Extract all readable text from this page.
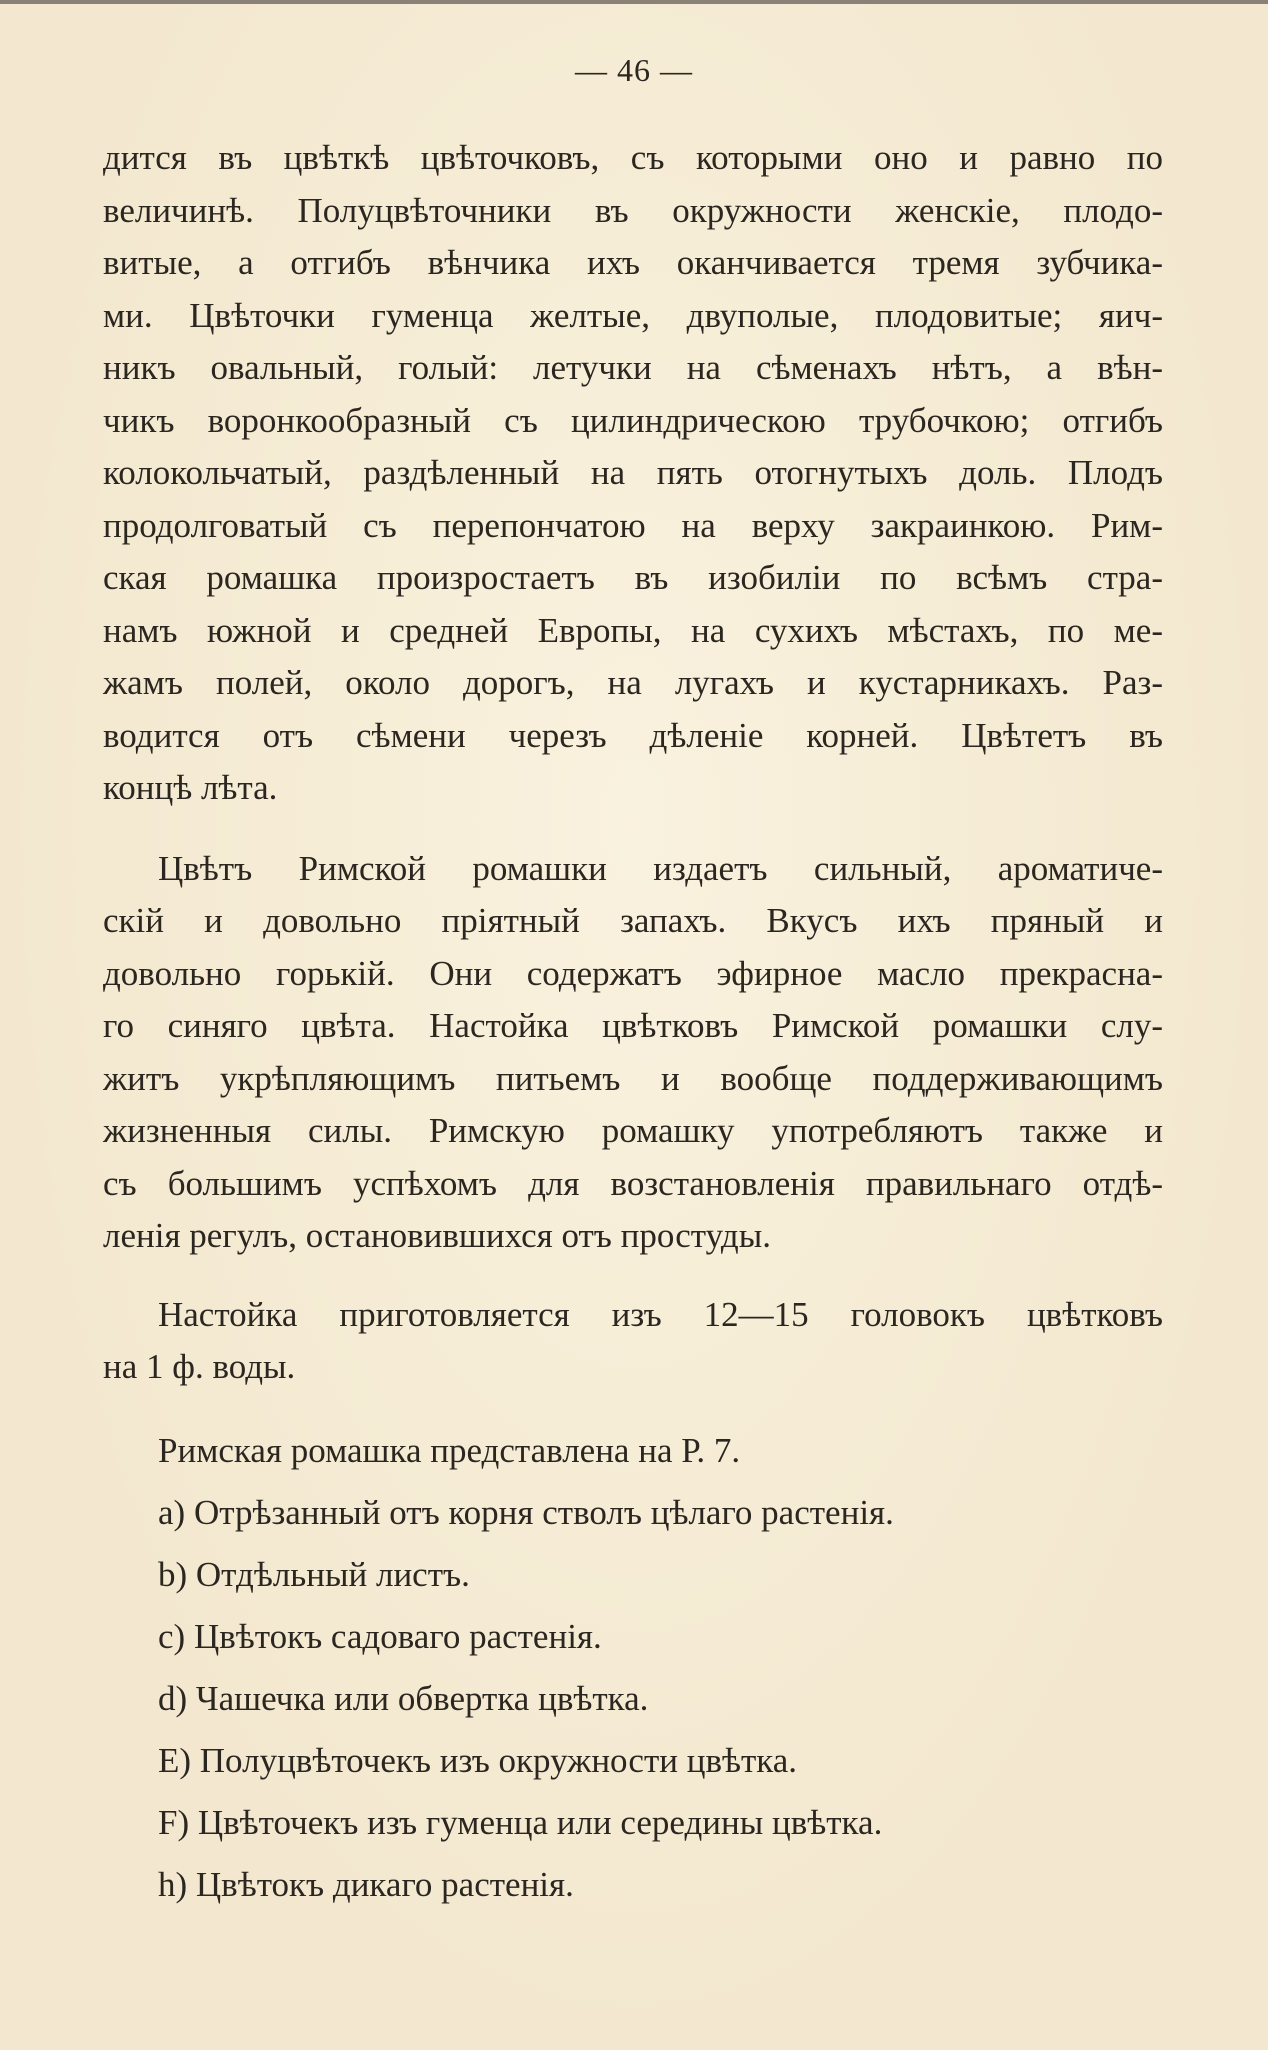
— 46 —

дится въ цвѣткѣ цвѣточковъ, съ которыми оно и равно по

величинѣ. Полуцвѣточники въ окружности женскіе, плодо-

витые, а отгибъ вѣнчика ихъ оканчивается тремя зубчика-

ми. Цвѣточки гуменца желтые, двуполые, плодовитые; яич-

никъ овальный, голый: летучки на сѣменахъ нѣтъ, а вѣн-

чикъ воронкообразный съ цилиндрическою трубочкою; отгибъ

колокольчатый, раздѣленный на пять отогнутыхъ доль. Плодъ

продолговатый съ перепончатою на верху закраинкою. Рим-

ская ромашка произростаетъ въ изобиліи по всѣмъ стра-

намъ южной и средней Европы, на сухихъ мѣстахъ, по ме-

жамъ полей, около дорогъ, на лугахъ и кустарникахъ. Раз-

водится отъ сѣмени черезъ дѣленіе корней. Цвѣтетъ въ

концѣ лѣта.

Цвѣтъ Римской ромашки издаетъ сильный, ароматиче-

скій и довольно пріятный запахъ. Вкусъ ихъ пряный и

довольно горькій. Они содержатъ эфирное масло прекрасна-

го синяго цвѣта. Настойка цвѣтковъ Римской ромашки слу-

житъ укрѣпляющимъ питьемъ и вообще поддерживающимъ

жизненныя силы. Римскую ромашку употребляютъ также и

съ большимъ успѣхомъ для возстановленія правильнаго отдѣ-

ленія регулъ, остановившихся отъ простуды.

Настойка приготовляется изъ 12—15 головокъ цвѣтковъ

на 1 ф. воды.

Римская ромашка представлена на Р. 7.

a) Отрѣзанный отъ корня стволъ цѣлаго растенія.
b) Отдѣльный листъ.
c) Цвѣтокъ садоваго растенія.
d) Чашечка или обвертка цвѣтка.
E) Полуцвѣточекъ изъ окружности цвѣтка.
F) Цвѣточекъ изъ гуменца или середины цвѣтка.
h) Цвѣтокъ дикаго растенія.
